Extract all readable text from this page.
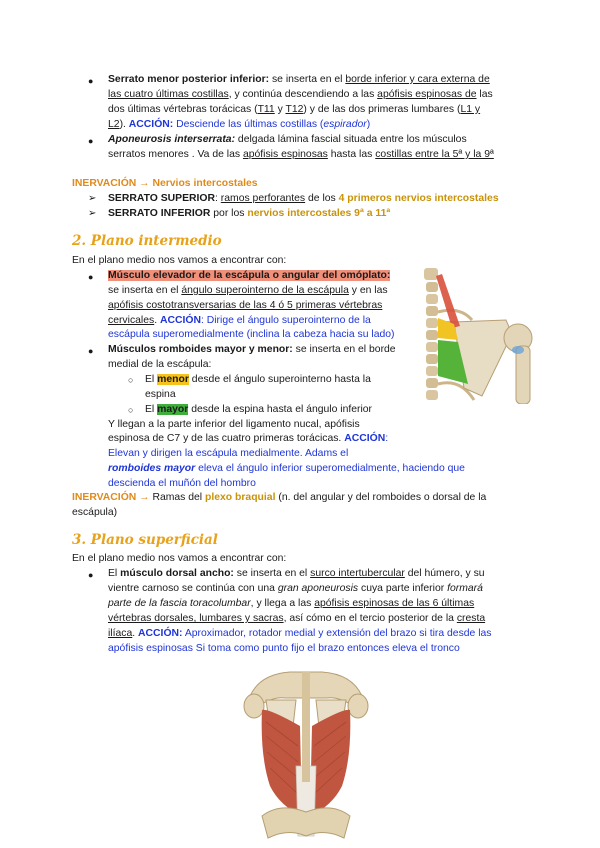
● Serrato menor posterior inferior: se inserta en el borde inferior y cara externa de
las cuatro últimas costillas, y continúa descendiendo a las apófisis espinosas de las
dos últimas vértebras torácicas (T11 y T12) y de las dos primeras lumbares (L1 y
L2). ACCIÓN: Desciende las últimas costillas (espirador)
● Aponeurosis interserrata: delgada lámina fascial situada entre los músculos
serratos menores . Va de las apófisis espinosas hasta las costillas entre la 5ª y la 9ª
INERVACIÓN → Nervios intercostales
➢ SERRATO SUPERIOR: ramos perforantes de los 4 primeros nervios intercostales
➢ SERRATO INFERIOR por los nervios intercostales 9ª a 11ª
2. Plano intermedio
En el plano medio nos vamos a encontrar con:
● Músculo elevador de la escápula o angular del omóplato:
se inserta en el ángulo superointerno de la escápula y en las
apófisis costotransversarias de las 4 ó 5 primeras vértebras
cervicales. ACCIÓN: Dirige el ángulo superointerno de la
escápula superomedialmente (inclina la cabeza hacia su lado)
● Músculos romboides mayor y menor: se inserta en el borde
medial de la escápula:
○ El menor desde el ángulo superointerno hasta la
espina
○ El mayor desde la espina hasta el ángulo inferior
Y llegan a la parte inferior del ligamento nucal, apófisis
espinosa de C7 y de las cuatro primeras torácicas. ACCIÓN:
Elevan y dirigen la escápula medialmente. Adams el
romboides mayor eleva el ángulo inferior superomedialmente, haciendo que
descienda el muñón del hombro
INERVACIÓN → Ramas del plexo braquial (n. del angular y del romboides o dorsal de la
escápula)
3. Plano superficial
En el plano medio nos vamos a encontrar con:
● El músculo dorsal ancho: se inserta en el surco intertubercular del húmero, y su
vientre carnoso se continúa con una gran aponeurosis cuya parte inferior formará
parte de la fascia toracolumbar, y llega a las apófisis espinosas de las 6 últimas
vértebras dorsales, lumbares y sacras, así cómo en el tercio posterior de la cresta
ilíaca. ACCIÓN: Aproximador, rotador medial y extensión del brazo si tira desde las
apófisis espinosas Si toma como punto fijo el brazo entonces eleva el tronco
